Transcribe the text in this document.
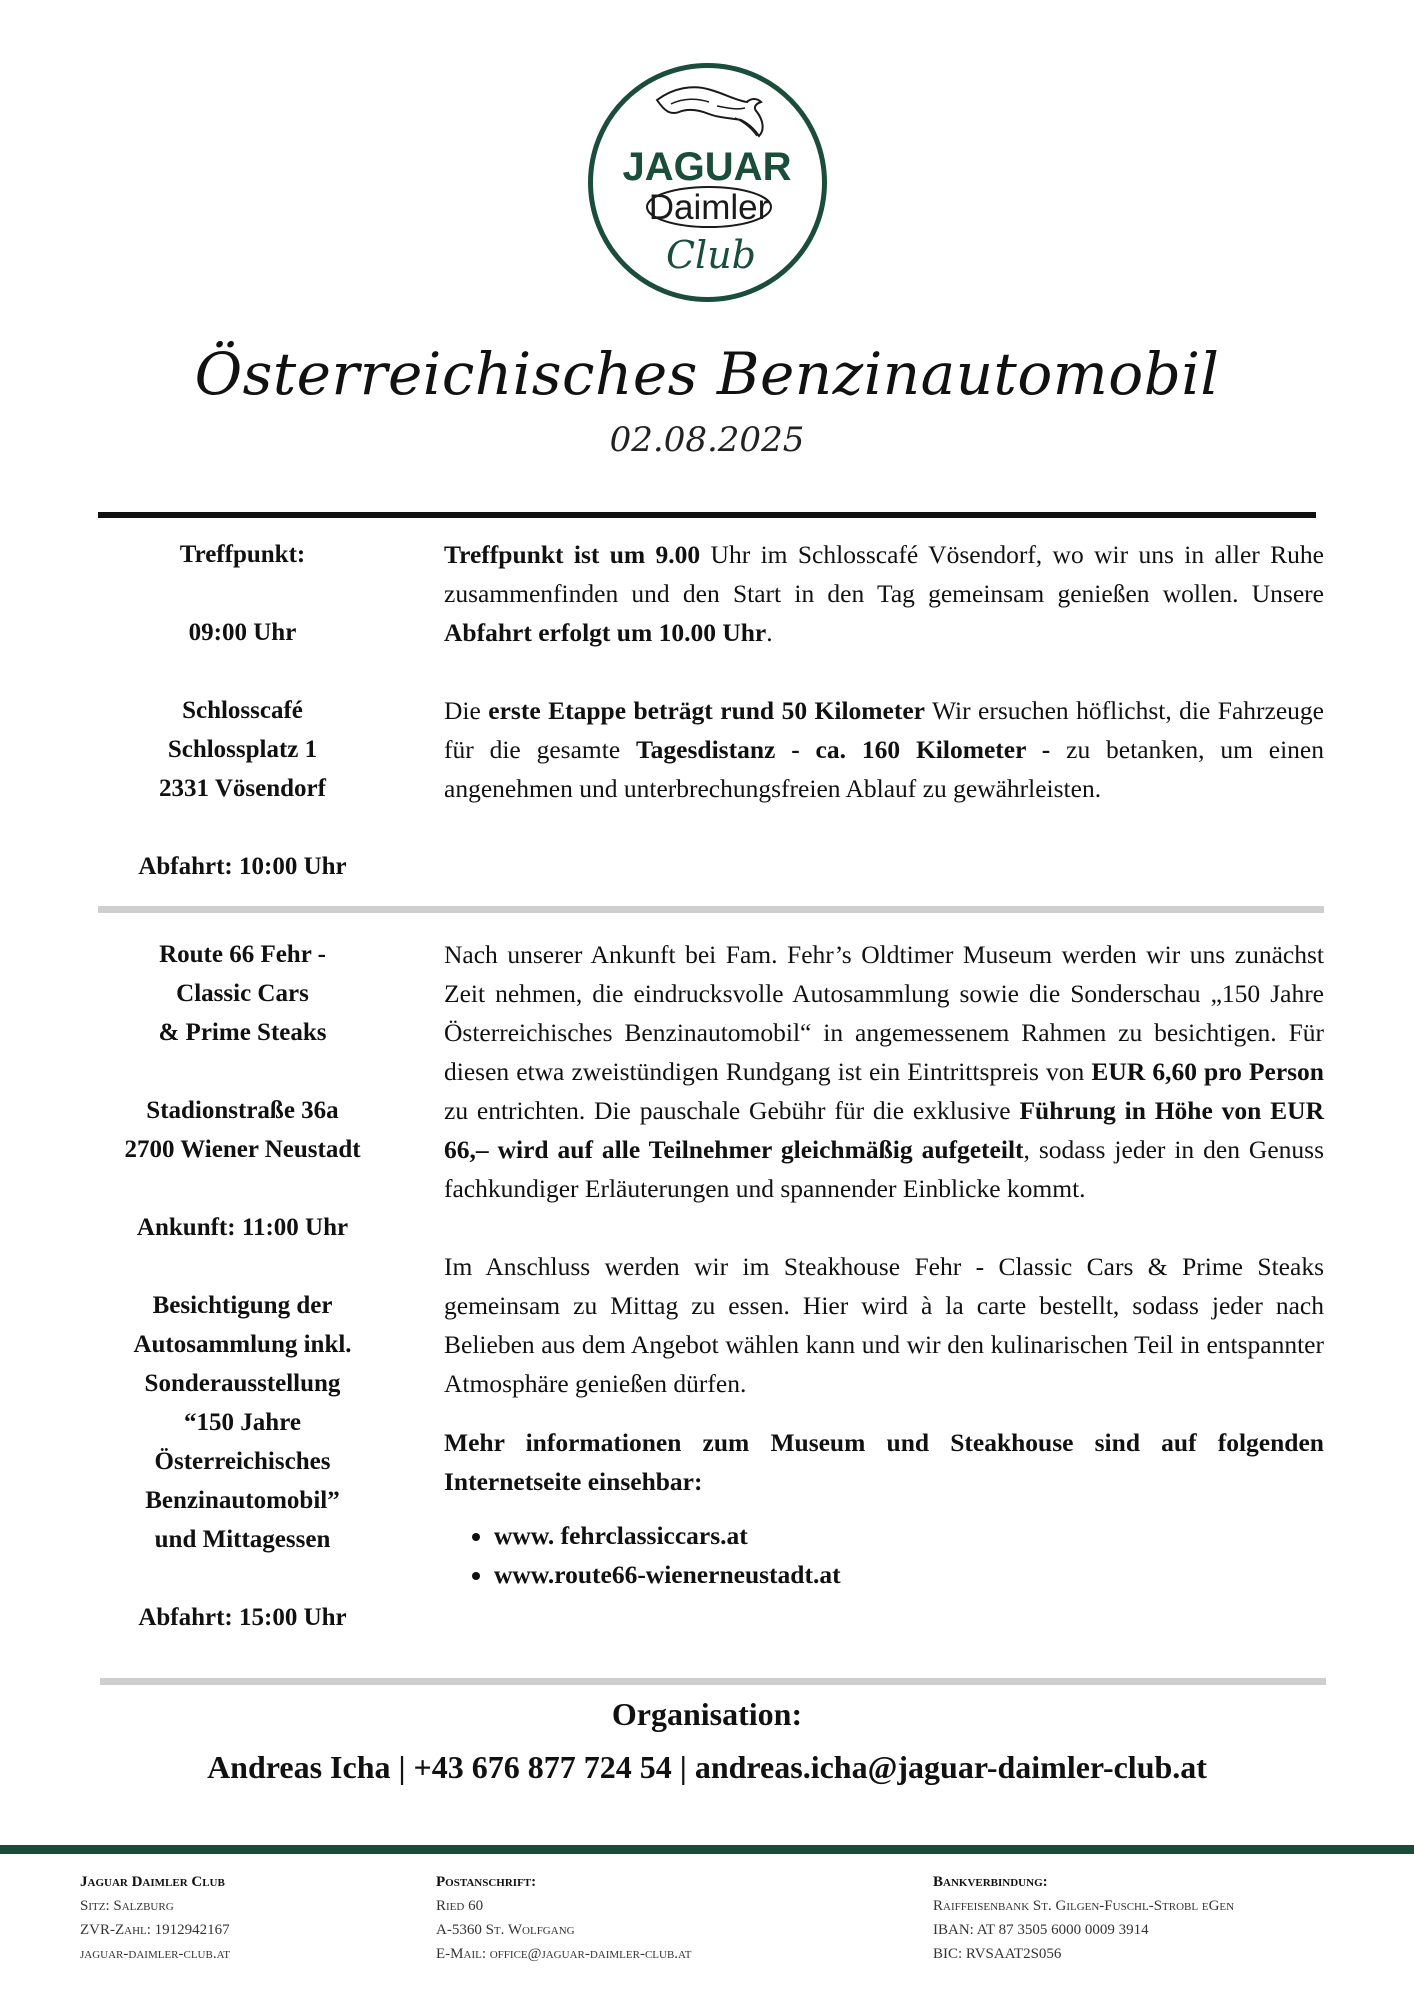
JAGUAR
Daimler
Club
Österreichisches Benzinautomobil
02.08.2025
Treffpunkt:
09:00 Uhr
Schlosscafé
Schlossplatz 1
2331 Vösendorf
Abfahrt: 10:00 Uhr

Treffpunkt ist um 9.00 Uhr im Schlosscafé Vösendorf, wo wir uns in aller Ruhe zusammenfinden und den Start in den Tag gemeinsam genießen wollen. Unsere Abfahrt erfolgt um 10.00 Uhr.

Die erste Etappe beträgt rund 50 Kilometer Wir ersuchen höflichst, die Fahrzeuge für die gesamte Tagesdistanz - ca. 160 Kilometer - zu betanken, um einen angenehmen und unterbrechungsfreien Ablauf zu gewährleisten.

Route 66 Fehr -
Classic Cars
& Prime Steaks
Stadionstraße 36a
2700 Wiener Neustadt
Ankunft: 11:00 Uhr
Besichtigung der
Autosammlung inkl.
Sonderausstellung
“150 Jahre
Österreichisches
Benzinautomobil”
und Mittagessen
Abfahrt: 15:00 Uhr

Nach unserer Ankunft bei Fam. Fehr’s Oldtimer Museum werden wir uns zunächst Zeit nehmen, die eindrucksvolle Autosammlung sowie die Sonderschau „150 Jahre Österreichisches Benzinautomobil“ in angemessenem Rahmen zu besichtigen. Für diesen etwa zweistündigen Rundgang ist ein Eintrittspreis von EUR 6,60 pro Person zu entrichten. Die pauschale Gebühr für die exklusive Führung in Höhe von EUR 66,– wird auf alle Teilnehmer gleichmäßig aufgeteilt, sodass jeder in den Genuss fachkundiger Erläuterungen und spannender Einblicke kommt.

Im Anschluss werden wir im Steakhouse Fehr - Classic Cars & Prime Steaks gemeinsam zu Mittag zu essen. Hier wird à la carte bestellt, sodass jeder nach Belieben aus dem Angebot wählen kann und wir den kulinarischen Teil in entspannter Atmosphäre genießen dürfen.

Mehr informationen zum Museum und Steakhouse sind auf folgenden Internetseite einsehbar:

• www. fehrclassiccars.at
• www.route66-wienerneustadt.at
Organisation:
Andreas Icha | +43 676 877 724 54 | andreas.icha@jaguar-daimler-club.at
Jaguar Daimler Club
Sitz: Salzburg
ZVR-Zahl: 1912942167
jaguar-daimler-club.at
Postanschrift:
Ried 60
A-5360 St. Wolfgang
E-Mail: office@jaguar-daimler-club.at
Bankverbindung:
Raiffeisenbank St. Gilgen-Fuschl-Strobl eGen
IBAN: AT 87 3505 6000 0009 3914
BIC: RVSAAT2S056
